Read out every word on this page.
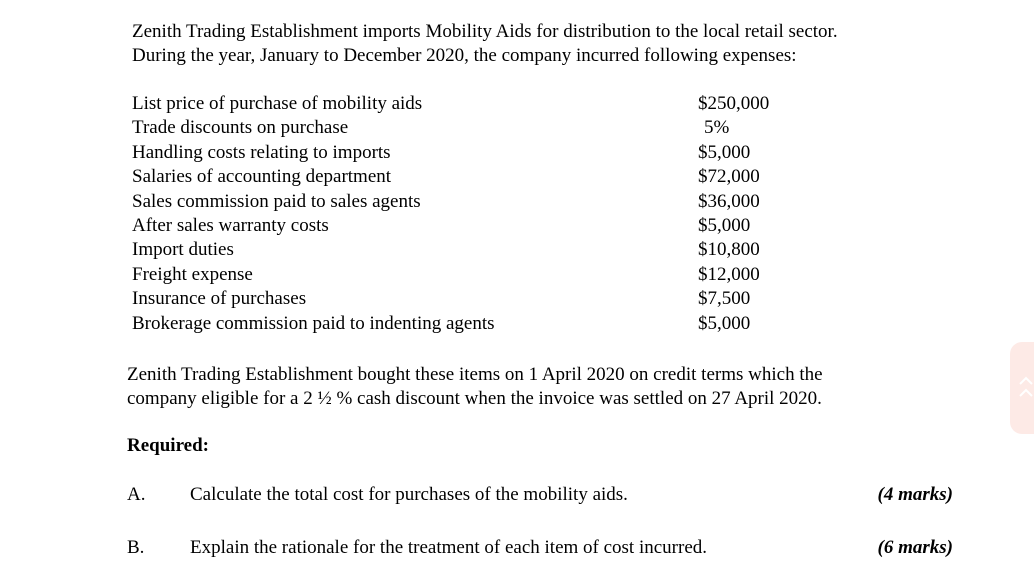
Zenith Trading Establishment imports Mobility Aids for distribution to the local retail sector.

During the year, January to December 2020, the company incurred following expenses:

List price of purchase of mobility aids	$250,000
Trade discounts on purchase	5%
Handling costs relating to imports	$5,000
Salaries of accounting department	$72,000
Sales commission paid to sales agents	$36,000
After sales warranty costs	$5,000
Import duties	$10,800
Freight expense	$12,000
Insurance of purchases	$7,500
Brokerage commission paid to indenting agents	$5,000

Zenith Trading Establishment bought these items on 1 April 2020 on credit terms which the

company eligible for a 2 ½ % cash discount when the invoice was settled on 27 April 2020.

Required:
A. Calculate the total cost for purchases of the mobility aids.	(4 marks)
B. Explain the rationale for the treatment of each item of cost incurred.	(6 marks)
